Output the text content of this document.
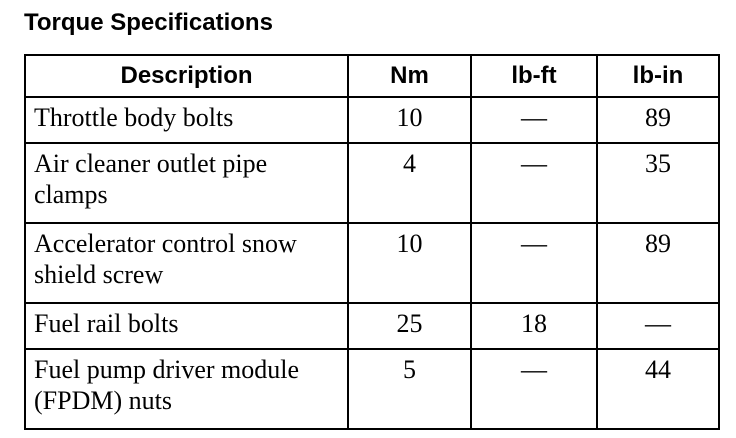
Torque Specifications
Description	Nm	lb-ft	lb-in
Throttle body bolts	10	—	89
Air cleaner outlet pipe clamps	4	—	35
Accelerator control snow shield screw	10	—	89
Fuel rail bolts	25	18	—
Fuel pump driver module (FPDM) nuts	5	—	44
